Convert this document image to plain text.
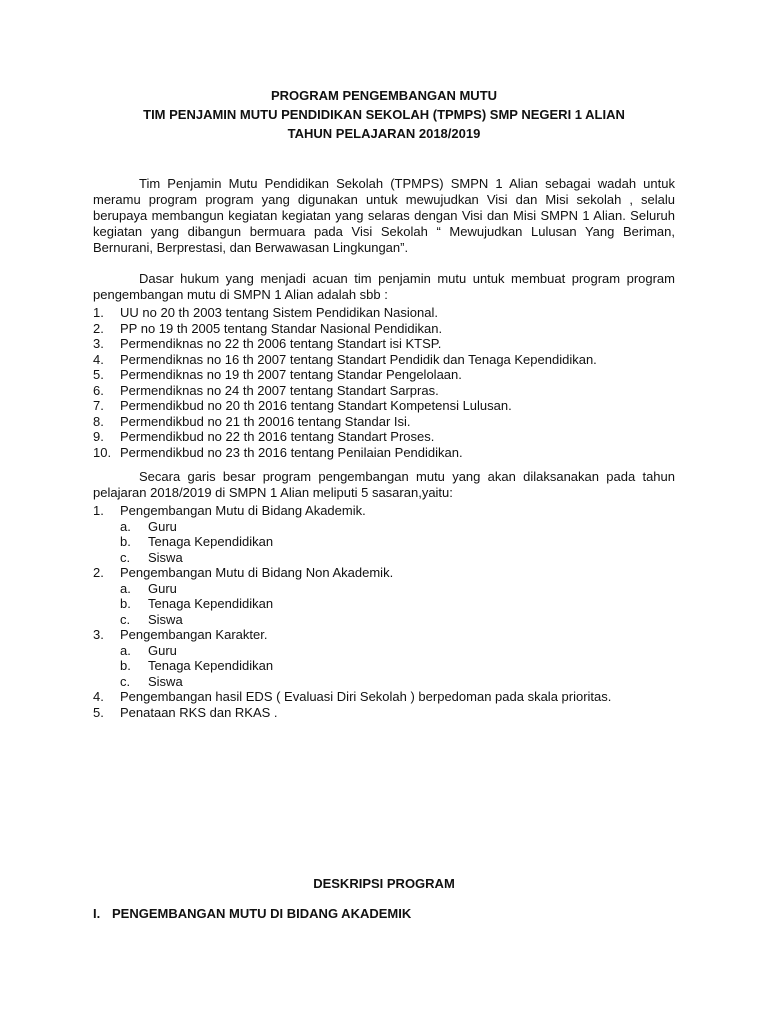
PROGRAM PENGEMBANGAN MUTU
TIM PENJAMIN MUTU PENDIDIKAN SEKOLAH (TPMPS) SMP NEGERI 1 ALIAN
TAHUN PELAJARAN 2018/2019
Tim Penjamin Mutu Pendidikan Sekolah (TPMPS) SMPN 1 Alian sebagai wadah untuk meramu program program yang digunakan untuk mewujudkan Visi dan Misi sekolah , selalu berupaya membangun kegiatan kegiatan yang selaras dengan Visi dan Misi SMPN 1 Alian. Seluruh kegiatan yang dibangun bermuara pada Visi Sekolah “ Mewujudkan Lulusan Yang Beriman, Bernurani, Berprestasi, dan Berwawasan Lingkungan”.
Dasar hukum yang menjadi acuan tim penjamin mutu untuk membuat program program pengembangan mutu di SMPN 1 Alian adalah sbb :
1. UU no 20 th 2003 tentang Sistem Pendidikan Nasional.
2. PP no 19 th 2005 tentang Standar Nasional Pendidikan.
3. Permendiknas no 22 th 2006 tentang Standart isi KTSP.
4. Permendiknas no 16 th 2007 tentang Standart Pendidik dan Tenaga Kependidikan.
5. Permendiknas no 19 th 2007 tentang Standar Pengelolaan.
6. Permendiknas no 24 th 2007 tentang Standart Sarpras.
7. Permendikbud no 20 th 2016 tentang Standart Kompetensi Lulusan.
8. Permendikbud no 21 th 20016 tentang Standar Isi.
9. Permendikbud no 22 th 2016 tentang Standart Proses.
10. Permendikbud no 23 th 2016 tentang Penilaian Pendidikan.
Secara garis besar program pengembangan mutu yang akan dilaksanakan pada tahun pelajaran 2018/2019 di SMPN 1 Alian meliputi 5 sasaran,yaitu:
1. Pengembangan Mutu di Bidang Akademik.
a. Guru
b. Tenaga Kependidikan
c. Siswa
2. Pengembangan Mutu di Bidang Non Akademik.
a. Guru
b. Tenaga Kependidikan
c. Siswa
3. Pengembangan Karakter.
a. Guru
b. Tenaga Kependidikan
c. Siswa
4. Pengembangan hasil EDS ( Evaluasi Diri Sekolah ) berpedoman pada skala prioritas.
5. Penataan RKS dan RKAS .
DESKRIPSI PROGRAM
I. PENGEMBANGAN MUTU DI BIDANG AKADEMIK
